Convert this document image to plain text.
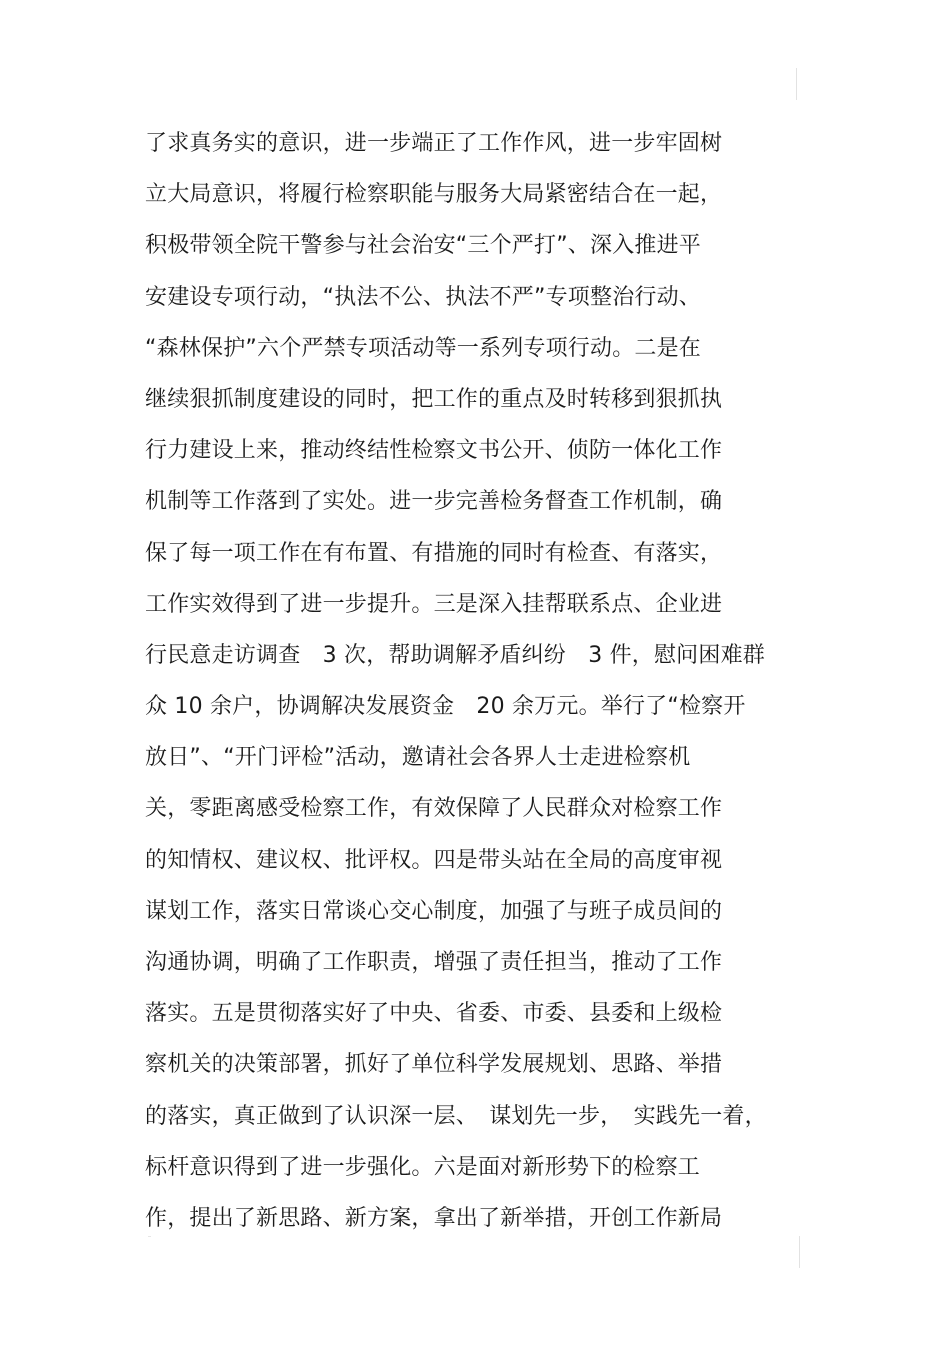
了求真务实的意识，进一步端正了工作作风，进一步牢固树
立大局意识，将履行检察职能与服务大局紧密结合在一起，
积极带领全院干警参与社会治安“三个严打”、深入推进平
安建设专项行动，“执法不公、执法不严”专项整治行动、
“森林保护”六个严禁专项活动等一系列专项行动。二是在
继续狠抓制度建设的同时，把工作的重点及时转移到狠抓执
行力建设上来，推动终结性检察文书公开、侦防一体化工作
机制等工作落到了实处。进一步完善检务督查工作机制，确
保了每一项工作在有布置、有措施的同时有检查、有落实，
工作实效得到了进一步提升。三是深入挂帮联系点、企业进
行民意走访调查　3 次，帮助调解矛盾纠纷　3 件，慰问困难群
众 10 余户，协调解决发展资金　20 余万元。举行了“检察开
放日”、“开门评检”活动，邀请社会各界人士走进检察机
关，零距离感受检察工作，有效保障了人民群众对检察工作
的知情权、建议权、批评权。四是带头站在全局的高度审视
谋划工作，落实日常谈心交心制度，加强了与班子成员间的
沟通协调，明确了工作职责，增强了责任担当，推动了工作
落实。五是贯彻落实好了中央、省委、市委、县委和上级检
察机关的决策部署，抓好了单位科学发展规划、思路、举措
的落实，真正做到了认识深一层、　谋划先一步，　实践先一着，
标杆意识得到了进一步强化。六是面对新形势下的检察工
作，提出了新思路、新方案，拿出了新举措，开创工作新局
